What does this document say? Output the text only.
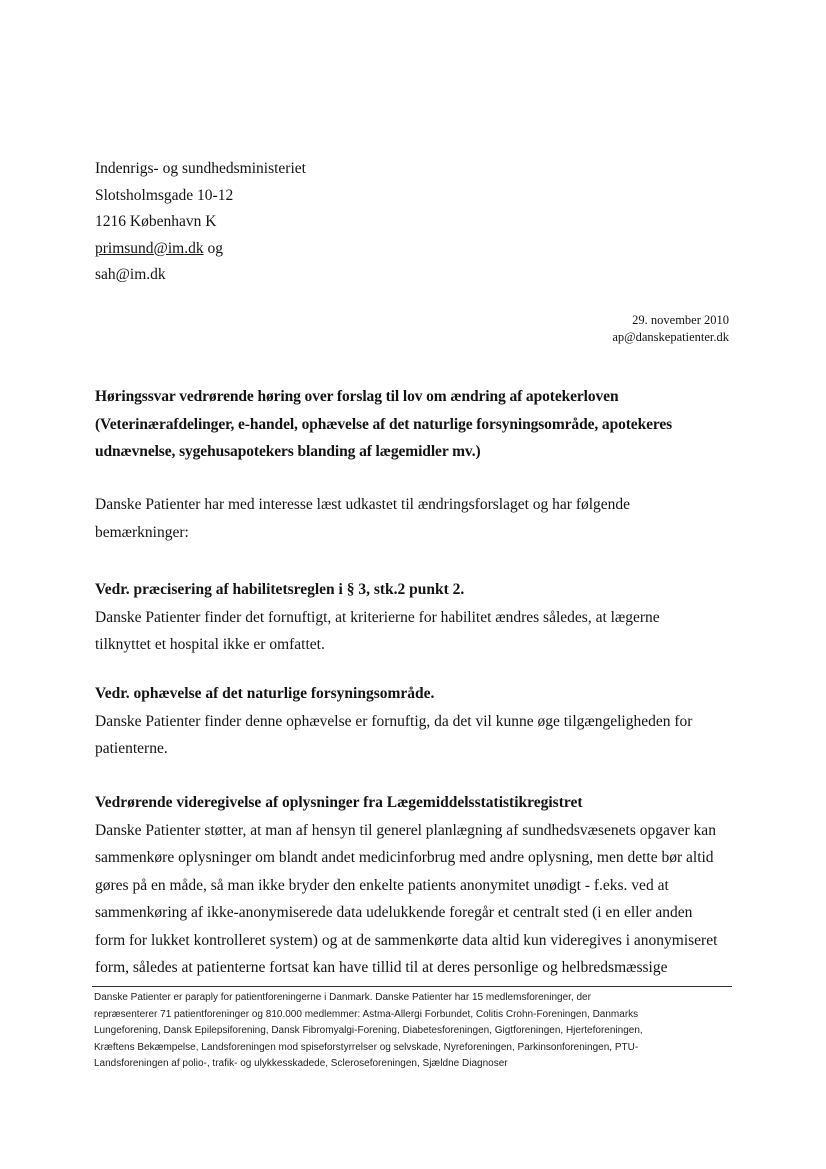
Indenrigs- og sundhedsministeriet
Slotsholmsgade 10-12
1216 København K
primsund@im.dk og
sah@im.dk
29. november 2010
ap@danskepatienter.dk
Høringssvar vedrørende høring over forslag til lov om ændring af apotekerloven
(Veterinærafdelinger, e-handel, ophævelse af det naturlige forsyningsområde, apotekeres
udnævnelse, sygehusapotekers blanding af lægemidler mv.)
Danske Patienter har med interesse læst udkastet til ændringsforslaget og har følgende
bemærkninger:
Vedr. præcisering af habilitetsreglen i § 3, stk.2 punkt 2.
Danske Patienter finder det fornuftigt, at kriterierne for habilitet ændres således, at lægerne
tilknyttet et hospital ikke er omfattet.
Vedr. ophævelse af det naturlige forsyningsområde.
Danske Patienter finder denne ophævelse er fornuftig, da det vil kunne øge tilgængeligheden for
patienterne.
Vedrørende videregivelse af oplysninger fra Lægemiddelsstatistikregistret
Danske Patienter støtter, at man af hensyn til generel planlægning af sundhedsvæsenets opgaver kan
sammenkøre oplysninger om blandt andet medicinforbrug med andre oplysning, men dette bør altid
gøres på en måde, så man ikke bryder den enkelte patients anonymitet unødigt - f.eks. ved at
sammenkøring af ikke-anonymiserede data udelukkende foregår et centralt sted (i en eller anden
form for lukket kontrolleret system) og at de sammenkørte data altid kun videregives i anonymiseret
form, således at patienterne fortsat kan have tillid til at deres personlige og helbredsmæssige
Danske Patienter er paraply for patientforeningerne i Danmark. Danske Patienter har 15 medlemsforeninger, der
repræsenterer 71 patientforeninger og 810.000 medlemmer: Astma-Allergi Forbundet, Colitis Crohn-Foreningen, Danmarks
Lungeforening, Dansk Epilepsiforening, Dansk Fibromyalgi-Forening, Diabetesforeningen, Gigtforeningen, Hjerteforeningen,
Kræftens Bekæmpelse, Landsforeningen mod spiseforstyrrelser og selvskade, Nyreforeningen, Parkinsonforeningen, PTU-
Landsforeningen af polio-, trafik- og ulykkesskadede, Scleroseforeningen, Sjældne Diagnoser
